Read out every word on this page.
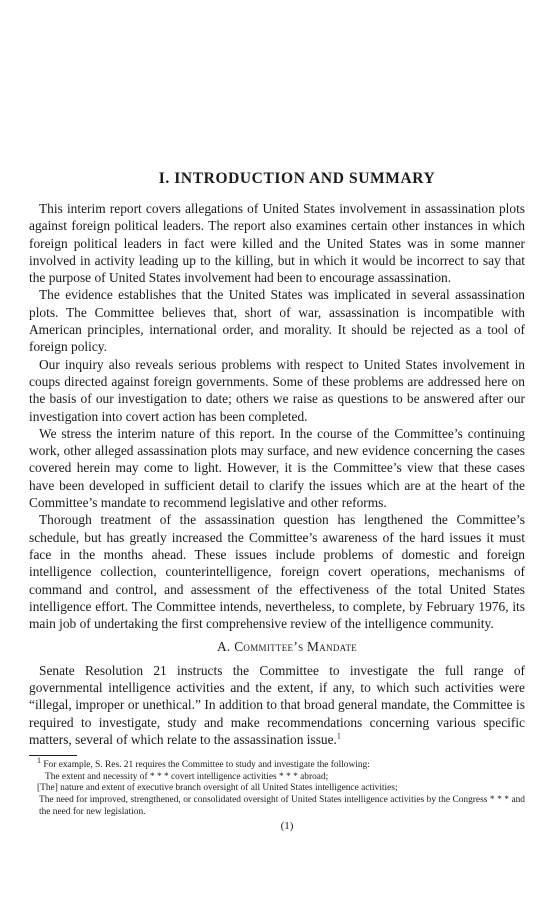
I. INTRODUCTION AND SUMMARY

This interim report covers allegations of United States involvement in assassination plots against foreign political leaders. The report also examines certain other instances in which foreign political leaders in fact were killed and the United States was in some manner involved in activity leading up to the killing, but in which it would be incorrect to say that the purpose of United States involvement had been to encourage assassination.

The evidence establishes that the United States was implicated in several assassination plots. The Committee believes that, short of war, assassination is incompatible with American principles, international order, and morality. It should be rejected as a tool of foreign policy.

Our inquiry also reveals serious problems with respect to United States involvement in coups directed against foreign governments. Some of these problems are addressed here on the basis of our investigation to date; others we raise as questions to be answered after our investigation into covert action has been completed.

We stress the interim nature of this report. In the course of the Committee’s continuing work, other alleged assassination plots may surface, and new evidence concerning the cases covered herein may come to light. However, it is the Committee’s view that these cases have been developed in sufficient detail to clarify the issues which are at the heart of the Committee’s mandate to recommend legislative and other reforms.

Thorough treatment of the assassination question has lengthened the Committee’s schedule, but has greatly increased the Committee’s awareness of the hard issues it must face in the months ahead. These issues include problems of domestic and foreign intelligence collection, counterintelligence, foreign covert operations, mechanisms of command and control, and assessment of the effectiveness of the total United States intelligence effort. The Committee intends, nevertheless, to complete, by February 1976, its main job of undertaking the first comprehensive review of the intelligence community.

A. Committee’s Mandate

Senate Resolution 21 instructs the Committee to investigate the full range of governmental intelligence activities and the extent, if any, to which such activities were “illegal, improper or unethical.” In addition to that broad general mandate, the Committee is required to investigate, study and make recommendations concerning various specific matters, several of which relate to the assassination issue.$^1$

$^1$ For example, S. Res. 21 requires the Committee to study and investigate the following:

The extent and necessity of * * * covert intelligence activities * * * abroad;

[The] nature and extent of executive branch oversight of all United States intelligence activities;

The need for improved, strengthened, or consolidated oversight of United States intelligence activities by the Congress * * * and the need for new legislation.

(1)
